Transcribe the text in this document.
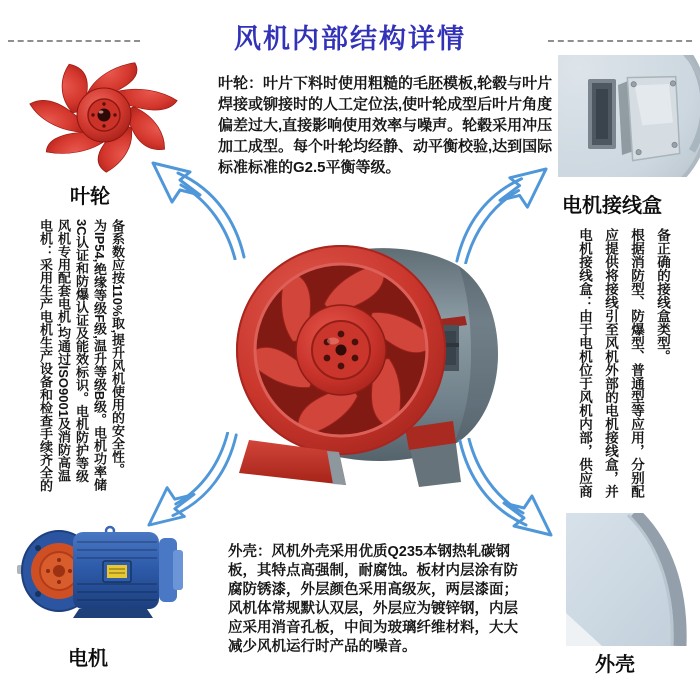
风机内部结构详情
叶轮
叶轮：叶片下料时使用粗糙的毛胚模板,轮毂与叶片焊接或铆接时的人工定位法,使叶轮成型后叶片角度偏差过大,直接影响使用效率与噪声。轮毂采用冲压加工成型。每个叶轮均经静、动平衡校验,达到国际标准标准的G2.5平衡等级。
电机接线盒
电机：采用生产电机生产设备和检查手续齐全的风机专用配套电机,均通过ISO9001及消防高温3C认证和防爆认证及能效标识。电机防护等级为IP54,绝缘等级F级,温升等级B级。电机功率储备系数应按110%取,提升风机使用的安全性。	电机接线盒：由于电机位于风机内部，供应商应提供将接线引至风机外部的电机接线盒，并根据消防型、防爆型、普通型等应用，分别配备正确的接线盒类型。
电机
外壳：风机外壳采用优质Q235本钢热轧碳钢板，其特点高强制，耐腐蚀。板材内层涂有防腐防锈漆，外层颜色采用高级灰，两层漆面；风机体常规默认双层，外层应为镀锌钢，内层应采用消音孔板，中间为玻璃纤维材料，大大减少风机运行时产品的噪音。
外壳
